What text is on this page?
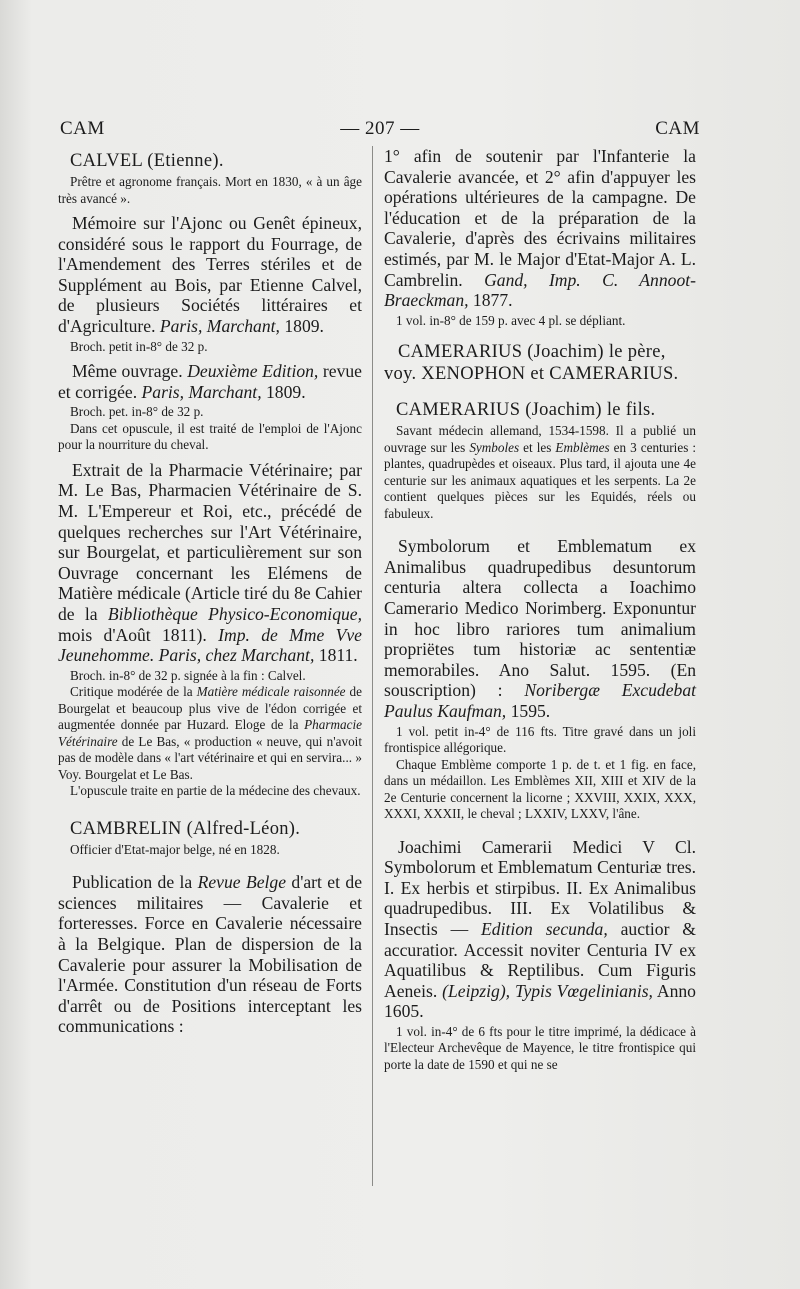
CAM	— 207 —	CAM

CALVEL (Etienne).

Prêtre et agronome français. Mort en 1830, « à un âge très avancé ».

Mémoire sur l'Ajonc ou Genêt épineux, considéré sous le rapport du Fourrage, de l'Amendement des Terres stériles et de Supplément au Bois, par Etienne Calvel, de plusieurs Sociétés littéraires et d'Agriculture. Paris, Marchant, 1809.

Broch. petit in-8° de 32 p.

Même ouvrage. Deuxième Edition, revue et corrigée. Paris, Marchant, 1809.

Broch. pet. in-8° de 32 p.

Dans cet opuscule, il est traité de l'emploi de l'Ajonc pour la nourriture du cheval.

Extrait de la Pharmacie Vétérinaire; par M. Le Bas, Pharmacien Vétérinaire de S. M. L'Empereur et Roi, etc., précédé de quelques recherches sur l'Art Vétérinaire, sur Bourgelat, et particulièrement sur son Ouvrage concernant les Elémens de Matière médicale (Article tiré du 8e Cahier de la Bibliothèque Physico-Economique, mois d'Août 1811). Imp. de Mme Vve Jeunehomme. Paris, chez Marchant, 1811.

Broch. in-8° de 32 p. signée à la fin : Calvel.

Critique modérée de la Matière médicale raisonnée de Bourgelat et beaucoup plus vive de l'édon corrigée et augmentée donnée par Huzard. Eloge de la Pharmacie Vétérinaire de Le Bas, « production « neuve, qui n'avoit pas de modèle dans « l'art vétérinaire et qui en servira... » Voy. Bourgelat et Le Bas.

L'opuscule traite en partie de la médecine des chevaux.

CAMBRELIN (Alfred-Léon).

Officier d'Etat-major belge, né en 1828.

Publication de la Revue Belge d'art et de sciences militaires — Cavalerie et forteresses. Force en Cavalerie nécessaire à la Belgique. Plan de dispersion de la Cavalerie pour assurer la Mobilisation de l'Armée. Constitution d'un réseau de Forts d'arrêt ou de Positions interceptant les communications :

1° afin de soutenir par l'Infanterie la Cavalerie avancée, et 2° afin d'appuyer les opérations ultérieures de la campagne. De l'éducation et de la préparation de la Cavalerie, d'après des écrivains militaires estimés, par M. le Major d'Etat-Major A. L. Cambrelin. Gand, Imp. C. Annoot-Braeckman, 1877.

1 vol. in-8° de 159 p. avec 4 pl. se dépliant.

CAMERARIUS (Joachim) le père, voy. XENOPHON et CAMERARIUS.

CAMERARIUS (Joachim) le fils.

Savant médecin allemand, 1534-1598. Il a publié un ouvrage sur les Symboles et les Emblèmes en 3 centuries : plantes, quadrupèdes et oiseaux. Plus tard, il ajouta une 4e centurie sur les animaux aquatiques et les serpents. La 2e contient quelques pièces sur les Equidés, réels ou fabuleux.

Symbolorum et Emblematum ex Animalibus quadrupedibus desuntorum centuria altera collecta a Ioachimo Camerario Medico Norimberg. Exponuntur in hoc libro rariores tum animalium propriëtes tum historiæ ac sententiæ memorabiles. Ano Salut. 1595. (En souscription) : Noribergæ Excudebat Paulus Kaufman, 1595.

1 vol. petit in-4° de 116 fts. Titre gravé dans un joli frontispice allégorique.

Chaque Emblème comporte 1 p. de t. et 1 fig. en face, dans un médaillon. Les Emblèmes XII, XIII et XIV de la 2e Centurie concernent la licorne ; XXVIII, XXIX, XXX, XXXI, XXXII, le cheval ; LXXIV, LXXV, l'âne.

Joachimi Camerarii Medici V Cl. Symbolorum et Emblematum Centuriæ tres. I. Ex herbis et stirpibus. II. Ex Animalibus quadrupedibus. III. Ex Volatilibus & Insectis — Edition secunda, auctior & accuratior. Accessit noviter Centuria IV ex Aquatilibus & Reptilibus. Cum Figuris Aeneis. (Leipzig), Typis Vœgelinianis, Anno 1605.

1 vol. in-4° de 6 fts pour le titre imprimé, la dédicace à l'Electeur Archevêque de Mayence, le titre frontispice qui porte la date de 1590 et qui ne se
